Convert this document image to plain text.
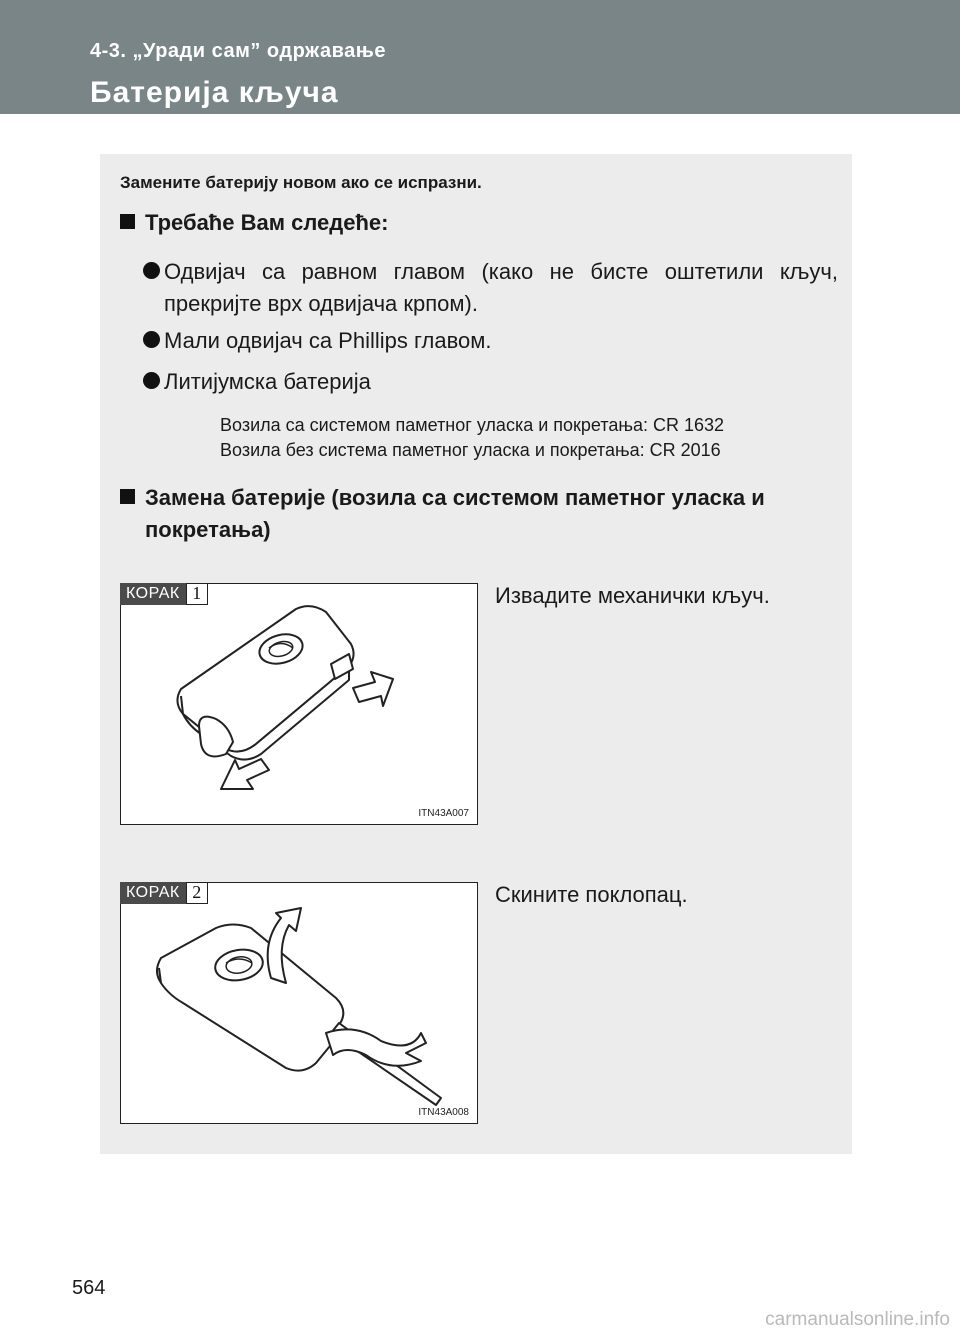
4-3. „Уради сам” одржавање
Батерија кључа
Замените батерију новом ако се испразни.
Требаће Вам следеће:
Одвијач са равном главом (како не бисте оштетили кључ, прекријте врх одвијача крпом).
Мали одвијач са Phillips главом.
Литијумска батерија
Возила са системом паметног уласка и покретања: CR 1632
Возила без система паметног уласка и покретања: CR 2016
Замена батерије (возила са системом паметног уласка и покретања)
КОРАК 1
ITN43A007
Извадите механички кључ.
КОРАК 2
ITN43A008
Скините поклопац.
564
carmanualsonline.info
